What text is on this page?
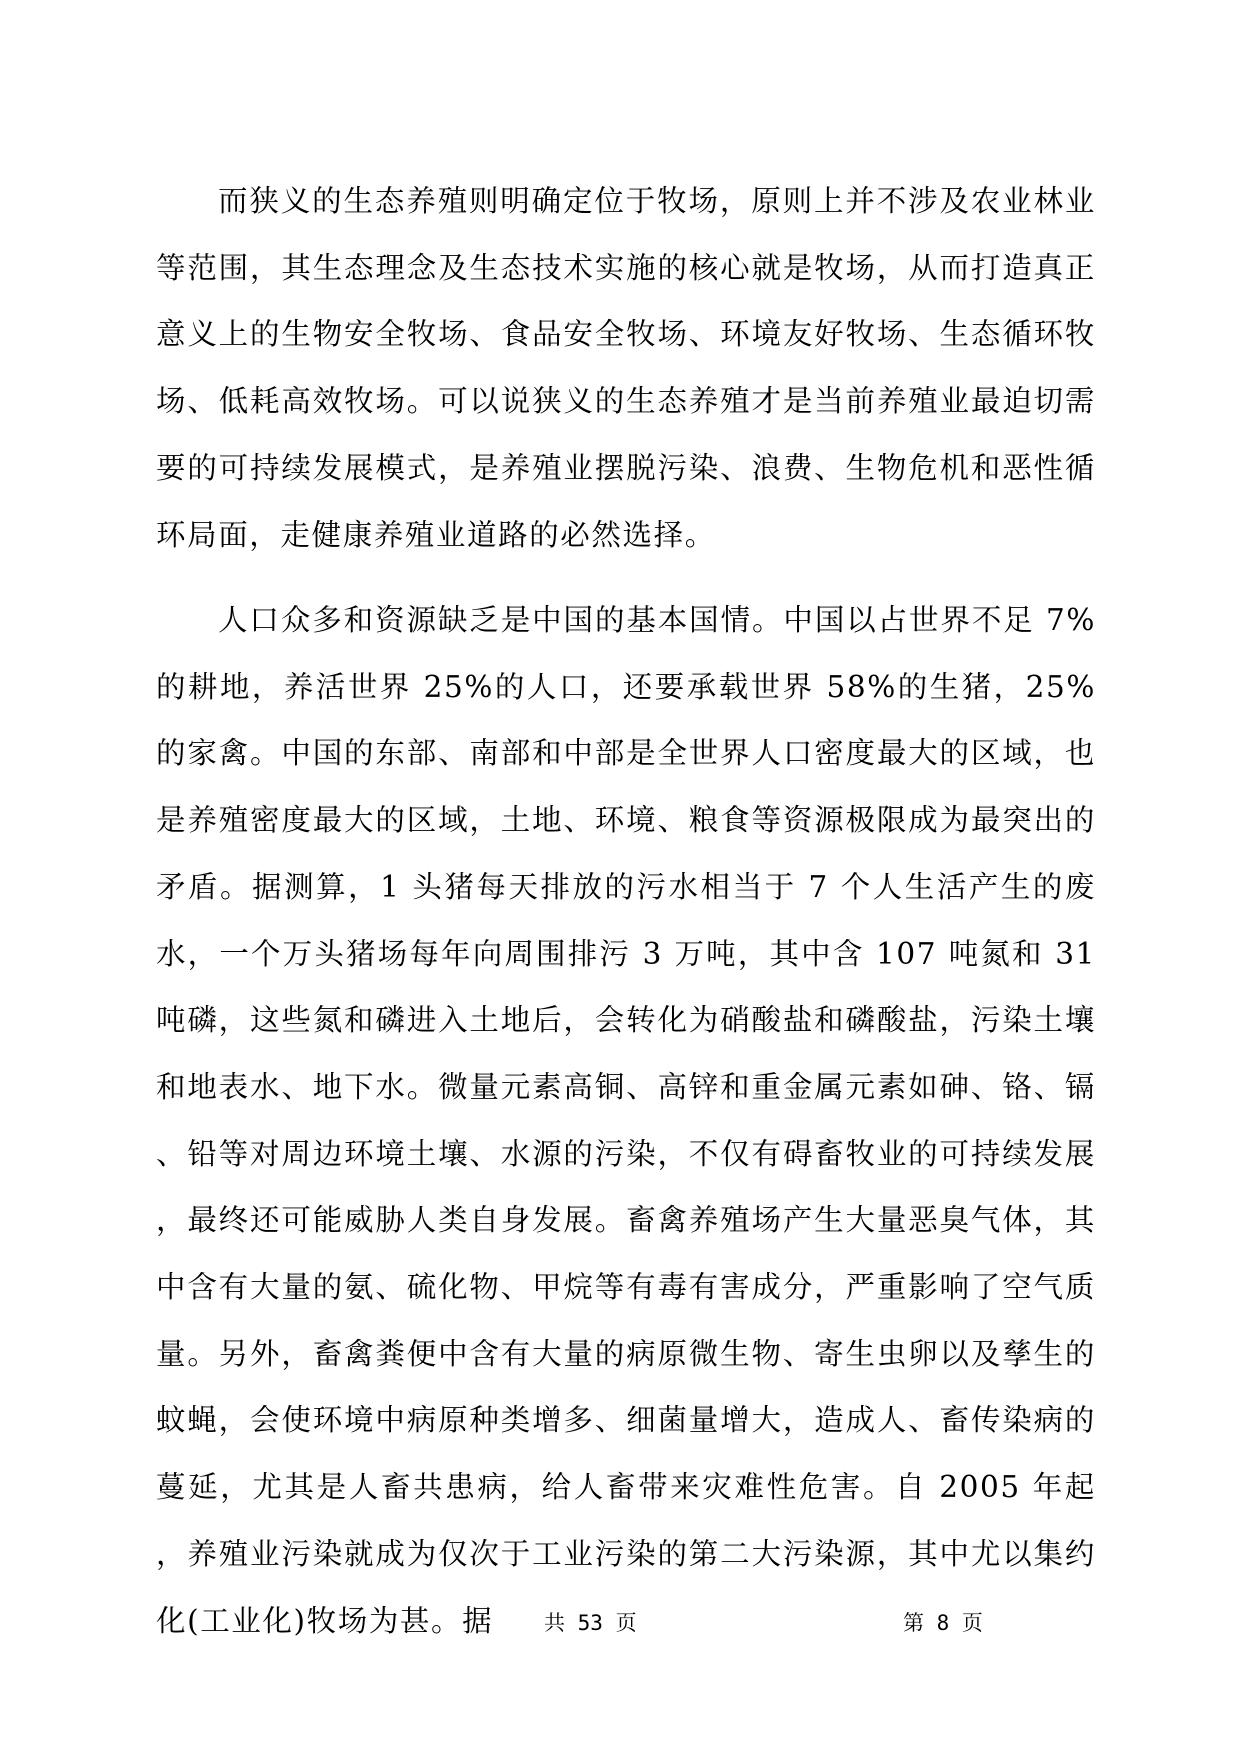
而狭义的生态养殖则明确定位于牧场，原则上并不涉及农业林业等范围，其生态理念及生态技术实施的核心就是牧场，从而打造真正意义上的生物安全牧场、食品安全牧场、环境友好牧场、生态循环牧场、低耗高效牧场。可以说狭义的生态养殖才是当前养殖业最迫切需要的可持续发展模式，是养殖业摆脱污染、浪费、生物危机和恶性循环局面，走健康养殖业道路的必然选择。

人口众多和资源缺乏是中国的基本国情。中国以占世界不足 7%的耕地，养活世界 25%的人口，还要承载世界 58%的生猪，25%的家禽。中国的东部、南部和中部是全世界人口密度最大的区域，也是养殖密度最大的区域，土地、环境、粮食等资源极限成为最突出的矛盾。据测算，1 头猪每天排放的污水相当于 7 个人生活产生的废水，一个万头猪场每年向周围排污 3 万吨，其中含 107 吨氮和 31 吨磷，这些氮和磷进入土地后，会转化为硝酸盐和磷酸盐，污染土壤和地表水、地下水。微量元素高铜、高锌和重金属元素如砷、铬、镉、铅等对周边环境土壤、水源的污染，不仅有碍畜牧业的可持续发展，最终还可能威胁人类自身发展。畜禽养殖场产生大量恶臭气体，其中含有大量的氨、硫化物、甲烷等有毒有害成分，严重影响了空气质量。另外，畜禽粪便中含有大量的病原微生物、寄生虫卵以及孳生的蚊蝇，会使环境中病原种类增多、细菌量增大，造成人、畜传染病的蔓延，尤其是人畜共患病，给人畜带来灾难性危害。自 2005 年起，养殖业污染就成为仅次于工业污染的第二大污染源，其中尤以集约化(工业化)牧场为甚。据	共 53 页	第 8 页
